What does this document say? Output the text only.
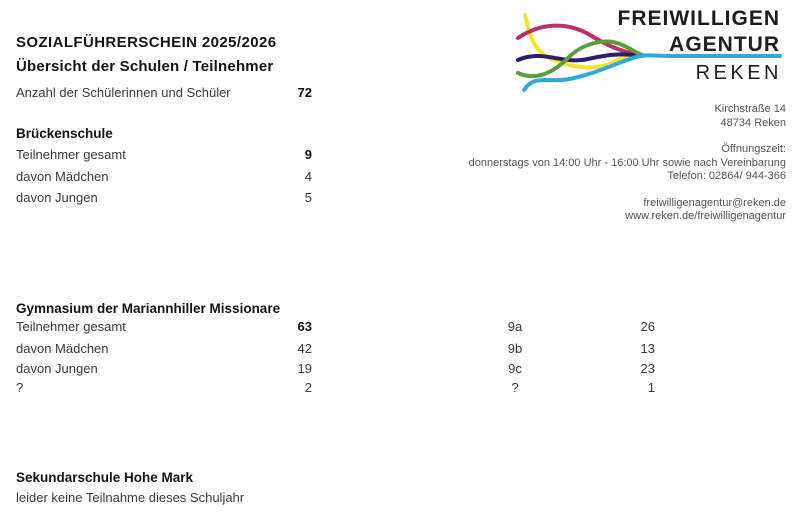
FREIWILLIGEN
AGENTUR
REKEN
SOZIALFÜHRERSCHEIN 2025/2026
Übersicht der Schulen / Teilnehmer
Anzahl der Schülerinnen und Schüler	72
Kirchstraße 14
48734 Reken
Öffnungszeit:
donnerstags von 14:00 Uhr - 16:00 Uhr sowie nach Vereinbarung
Telefon: 02864/ 944-366
freiwilligenagentur@reken.de
www.reken.de/freiwilligenagentur
Brückenschule
Teilnehmer gesamt	9
davon Mädchen	4
davon Jungen	5
Gymnasium der Mariannhiller Missionare
Teilnehmer gesamt	63	9a	26
davon Mädchen	42	9b	13
davon Jungen	19	9c	23
?	2	?	1
Sekundarschule Hohe Mark
leider keine Teilnahme dieses Schuljahr
